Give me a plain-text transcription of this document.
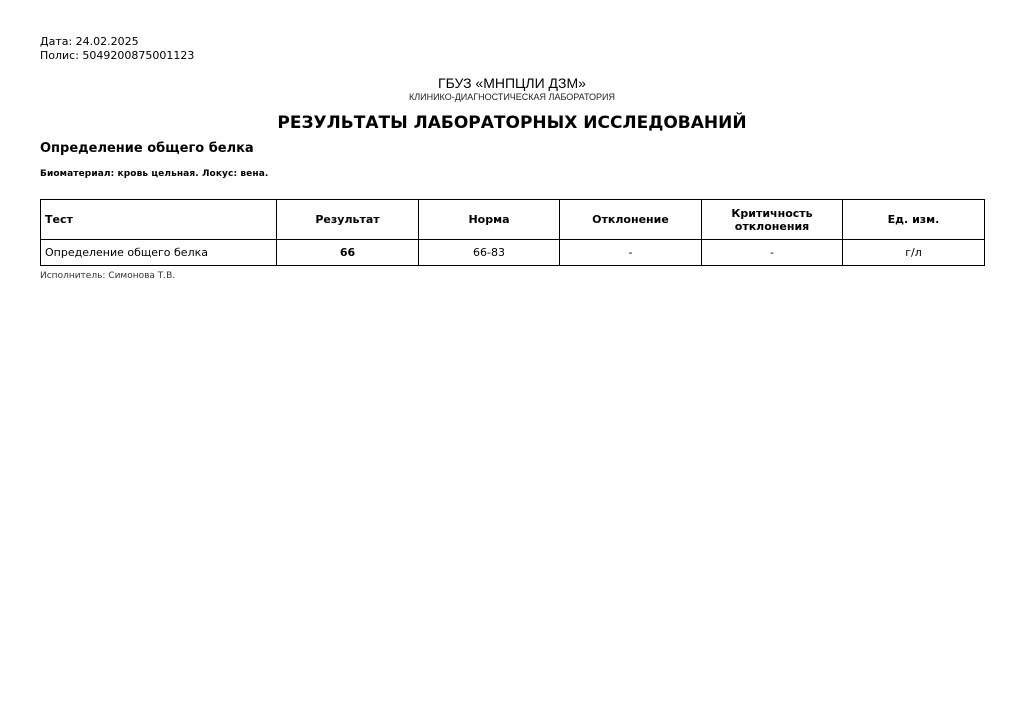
Дата: 24.02.2025
Полис: 5049200875001123
ГБУЗ «МНПЦЛИ ДЗМ»
КЛИНИКО-ДИАГНОСТИЧЕСКАЯ ЛАБОРАТОРИЯ
РЕЗУЛЬТАТЫ ЛАБОРАТОРНЫХ ИССЛЕДОВАНИЙ
Определение общего белка
Биоматериал: кровь цельная. Локус: вена.
Тест	Результат	Норма	Отклонение	Критичность отклонения	Ед. изм.
Определение общего белка	66	66-83	-	-	г/л
Исполнитель: Симонова Т.В.
